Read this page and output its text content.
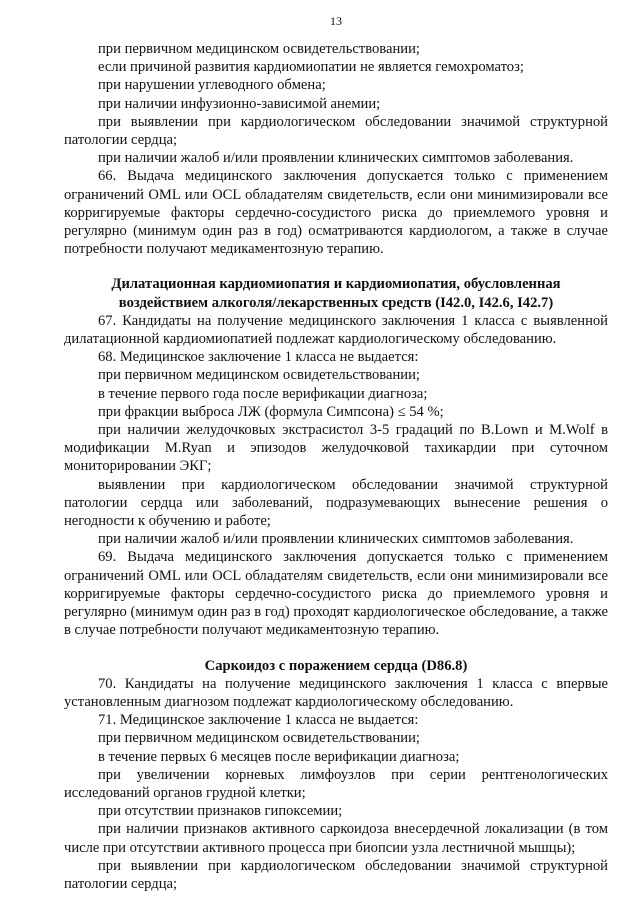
13

при первичном медицинском освидетельствовании;

если причиной развития кардиомиопатии не является гемохроматоз;

при нарушении углеводного обмена;

при наличии инфузионно-зависимой анемии;

при выявлении при кардиологическом обследовании значимой структурной патологии сердца;

при наличии жалоб и/или проявлении клинических симптомов заболевания.

66. Выдача медицинского заключения допускается только с применением ограничений OML или OCL обладателям свидетельств, если они минимизировали все корригируемые факторы сердечно-сосудистого риска до приемлемого уровня и регулярно (минимум один раз в год) осматриваются кардиологом, а также в случае потребности получают медикаментозную терапию.

Дилатационная кардиомиопатия и кардиомиопатия, обусловленная воздействием алкоголя/лекарственных средств (I42.0, I42.6, I42.7)

67. Кандидаты на получение медицинского заключения 1 класса с выявленной дилатационной кардиомиопатией подлежат кардиологическому обследованию.

68. Медицинское заключение 1 класса не выдается:

при первичном медицинском освидетельствовании;

в течение первого года после верификации диагноза;

при фракции выброса ЛЖ (формула Симпсона) ≤ 54 %;

при наличии желудочковых экстрасистол 3-5 градаций по B.Lown и M.Wolf в модификации M.Ryan и эпизодов желудочковой тахикардии при суточном мониторировании ЭКГ;

выявлении при кардиологическом обследовании значимой структурной патологии сердца или заболеваний, подразумевающих вынесение решения о негодности к обучению и работе;

при наличии жалоб и/или проявлении клинических симптомов заболевания.

69. Выдача медицинского заключения допускается только с применением ограничений OML или OCL обладателям свидетельств, если они минимизировали все корригируемые факторы сердечно-сосудистого риска до приемлемого уровня и регулярно (минимум один раз в год) проходят кардиологическое обследование, а также в случае потребности получают медикаментозную терапию.

Саркоидоз с поражением сердца (D86.8)

70. Кандидаты на получение медицинского заключения 1 класса с впервые установленным диагнозом подлежат кардиологическому обследованию.

71. Медицинское заключение 1 класса не выдается:

при первичном медицинском освидетельствовании;

в течение первых 6 месяцев после верификации диагноза;

при увеличении корневых лимфоузлов при серии рентгенологических исследований органов грудной клетки;

при отсутствии признаков гипоксемии;

при наличии признаков активного саркоидоза внесердечной локализации (в том числе при отсутствии активного процесса при биопсии узла лестничной мышцы);

при выявлении при кардиологическом обследовании значимой структурной патологии сердца;
